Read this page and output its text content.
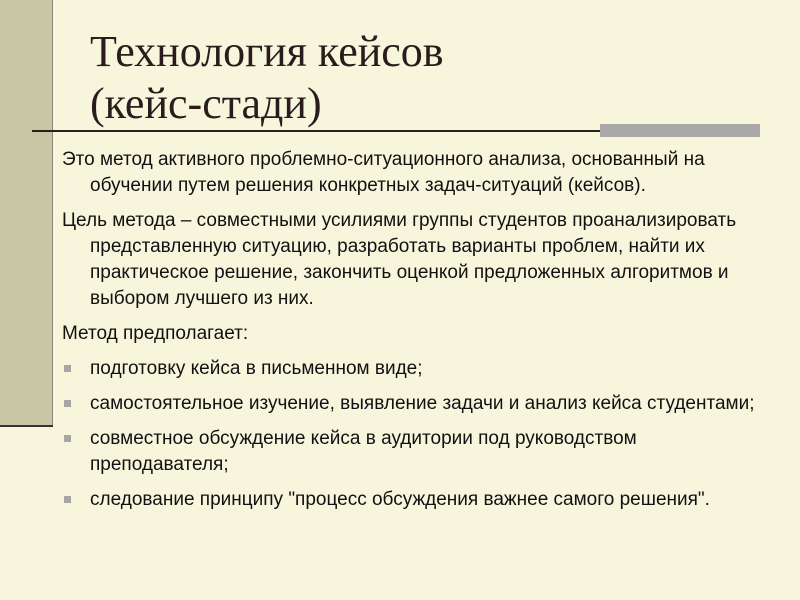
Технология кейсов
(кейс-стади)

Это метод активного проблемно-ситуационного анализа, основанный на обучении путем решения конкретных задач-ситуаций (кейсов).

Цель метода – совместными усилиями группы студентов проанализировать представленную ситуацию, разработать варианты проблем, найти их практическое решение, закончить оценкой предложенных алгоритмов и выбором лучшего из них.

Метод предполагает:

подготовку кейса в письменном виде;
самостоятельное изучение, выявление задачи и анализ кейса студентами;
совместное обсуждение кейса в аудитории под руководством преподавателя;
следование принципу "процесс обсуждения важнее самого решения".
